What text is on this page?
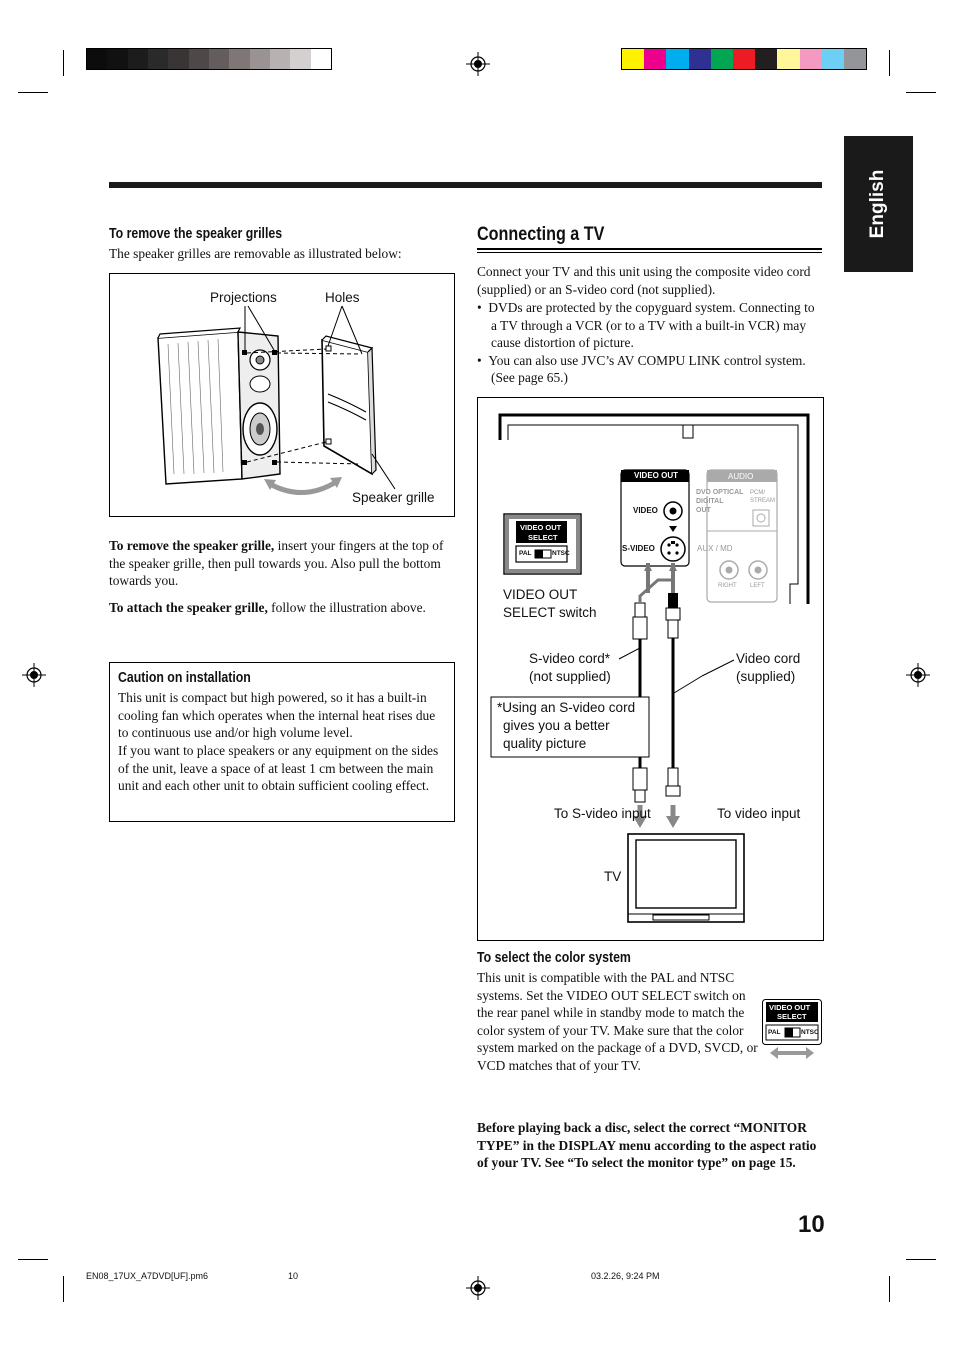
English
To remove the speaker grilles
The speaker grilles are removable as illustrated below:
Projections	Holes
Speaker grille
To remove the speaker grille, insert your fingers at the top of the speaker grille, then pull towards you. Also pull the bottom towards you.
To attach the speaker grille, follow the illustration above.
Caution on installation
This unit is compact but high powered, so it has a built-in cooling fan which operates when the internal heat rises due to continuous use and/or high volume level.
If you want to place speakers or any equipment on the sides of the unit, leave a space of at least 1 cm between the main unit and each other unit to obtain sufficient cooling effect.
Connecting a TV
Connect your TV and this unit using the composite video cord (supplied) or an S-video cord (not supplied).
•  DVDs are protected by the copyguard system. Connecting to a TV through a VCR (or to a TV with a built-in VCR) may cause distortion of picture.
•  You can also use JVC’s AV COMPU LINK control system. (See page 65.)
VIDEO OUT	AUDIO
VIDEO
S-VIDEO
DVD OPTICAL
DIGITAL
OUT
PCM/
STREAM
AUX / MD
RIGHT LEFT
VIDEO OUT
SELECT
PAL	NTSC
VIDEO OUT
SELECT switch
S-video cord*
(not supplied)
Video cord
(supplied)
*Using an S-video cord
gives you a better
quality picture
To S-video input	To video input
TV
To select the color system
This unit is compatible with the PAL and NTSC systems. Set the VIDEO OUT SELECT switch on the rear panel while in standby mode to match the color system of your TV. Make sure that the color system marked on the package of a DVD, SVCD, or VCD matches that of your TV.
VIDEO OUT
SELECT
PAL	NTSC
Before playing back a disc, select the correct “MONITOR TYPE” in the DISPLAY menu according to the aspect ratio of your TV. See “To select the monitor type” on page 15.
10
EN08_17UX_A7DVD[UF].pm6	10	03.2.26, 9:24 PM
